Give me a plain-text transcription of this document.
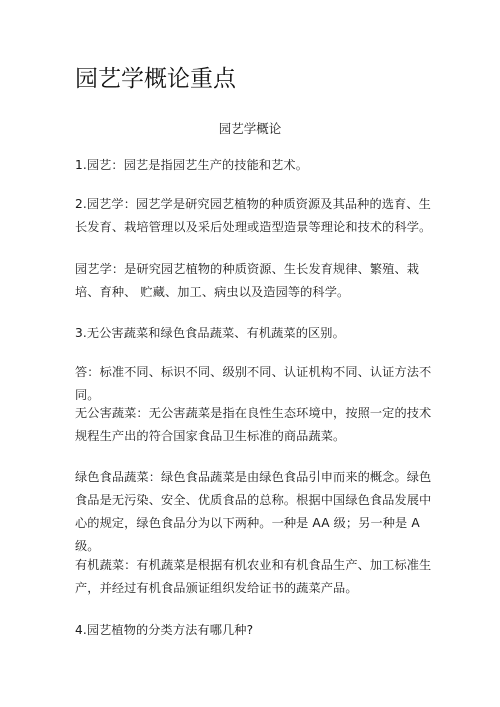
园艺学概论重点

园艺学概论

1.园艺：园艺是指园艺生产的技能和艺术。

2.园艺学：园艺学是研究园艺植物的种质资源及其品种的选育、生长发育、栽培管理以及采后处理或造型造景等理论和技术的科学。

园艺学：是研究园艺植物的种质资源、生长发育规律、繁殖、栽培、育种、 贮藏、加工、病虫以及造园等的科学。

3.无公害蔬菜和绿色食品蔬菜、有机蔬菜的区别。

答：标准不同、标识不同、级别不同、认证机构不同、认证方法不同。

无公害蔬菜：无公害蔬菜是指在良性生态环境中，按照一定的技术规程生产出的符合国家食品卫生标准的商品蔬菜。

绿色食品蔬菜：绿色食品蔬菜是由绿色食品引申而来的概念。绿色食品是无污染、安全、优质食品的总称。根据中国绿色食品发展中心的规定，绿色食品分为以下两种。一种是 AA 级；另一种是 A 级。

有机蔬菜：有机蔬菜是根据有机农业和有机食品生产、加工标准生产，并经过有机食品颁证组织发给证书的蔬菜产品。

4.园艺植物的分类方法有哪几种?
